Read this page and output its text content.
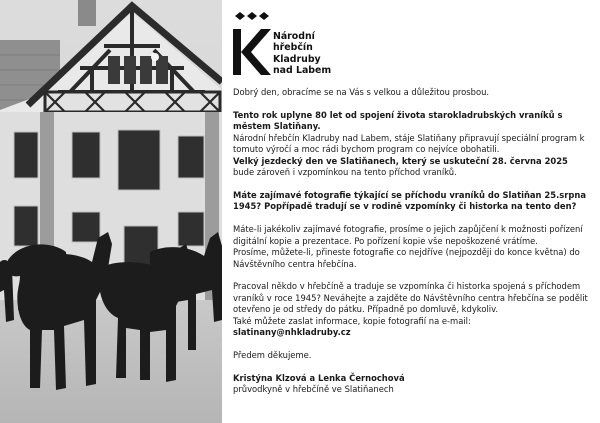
Národní
hřebčín
Kladruby
nad Labem

Dobrý den, obracíme se na Vás s velkou a důležitou prosbou.

Tento rok uplyne 80 let od spojení života starokladrubských vraníků s městem Slatiňany.
Národní hřebčín Kladruby nad Labem, stáje Slatiňany připravují speciální program k tomuto výročí a moc rádi bychom program co nejvíce obohatili.
Velký jezdecký den ve Slatiňanech, který se uskuteční 28. června 2025 bude zároveň i vzpomínkou na tento příchod vraníků.

Máte zajímavé fotografie týkající se příchodu vraníků do Slatiňan 25.srpna 1945? Popřípadě tradují se v rodině vzpomínky či historka na tento den?

Máte-li jakékoliv zajímavé fotografie, prosíme o jejich zapůjčení k možnosti pořízení digitální kopie a prezentace. Po pořízení kopie vše nepoškozené vrátíme.
Prosíme, můžete-li, přineste fotografie co nejdříve (nejpozději do konce května) do Návštěvního centra hřebčína.

Pracoval někdo v hřebčíně a traduje se vzpomínka či historka spojená s příchodem vraníků v roce 1945? Neváhejte a zajděte do Návštěvního centra hřebčína se podělit otevřeno je od středy do pátku. Případně po domluvě, kdykoliv.
Také můžete zaslat informace, kopie fotografií na e-mail: slatinany@nhkladruby.cz

Předem děkujeme.

Kristýna Klzová a Lenka Černochová

průvodkyně v hřebčíně ve Slatiňanech
